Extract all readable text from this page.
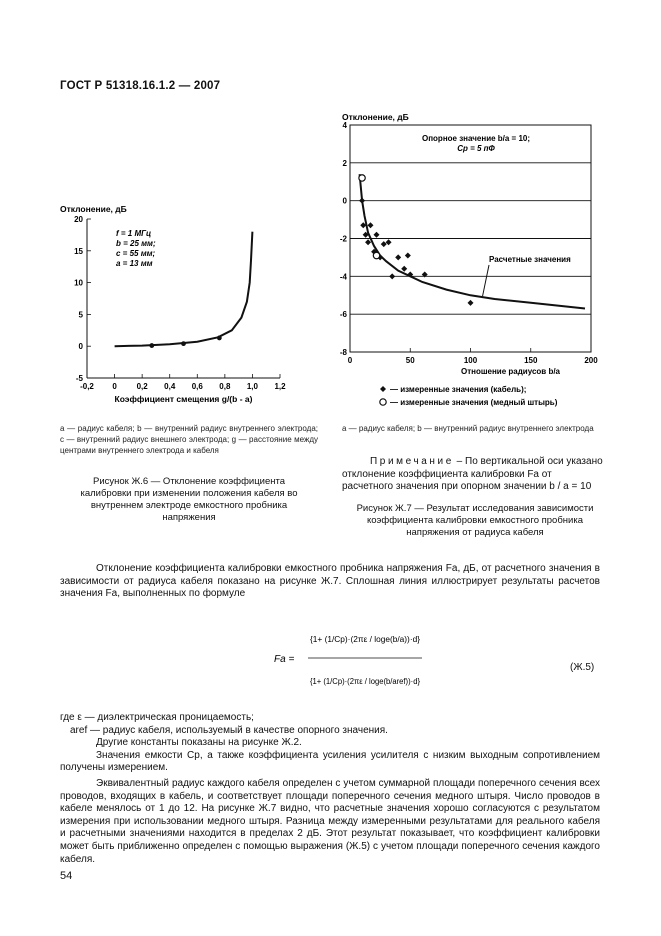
ГОСТ Р 51318.16.1.2 — 2007
Отклонение, дБ
-5
0
5
10
15
20
-0,2 0 0,2 0,4 0,6 0,8 1,0 1,2
Коэффициент смещения g/(b - a)
f = 1 МГц
b = 25 мм;
c = 55 мм;
a = 13 мм
Отклонение, дБ
4
2
0
-2
-4
-6
-8
0	50	100	150	200
Отношение радиусов b/a
Опорное значение b/a = 10;
Cp = 5 пФ
Расчетные значения
— измеренные значения (кабель);
— измеренные значения (медный штырь)
a — радиус кабеля; b — внутренний радиус внутреннего электрода; c — внутренний радиус внешнего электрода; g — расстояние между центрами внутреннего электрода и кабеля
Рисунок Ж.6 — Отклонение коэффициента калибровки при изменении положения кабеля во внутреннем электроде емкостного пробника напряжения
a — радиус кабеля; b — внутренний радиус внутреннего электрода
Примечание – По вертикальной оси указано отклонение коэффициента калибровки Fa от расчетного значения при опорном значении b / a = 10
Рисунок Ж.7 — Результат исследования зависимости коэффициента калибровки емкостного пробника напряжения от радиуса кабеля

Отклонение коэффициента калибровки емкостного пробника напряжения Fa, дБ, от расчетного значения в зависимости от радиуса кабеля показано на рисунке Ж.7. Сплошная линия иллюстрирует результаты расчетов значения Fa, выполненных по формуле

Fa =
{1+ (1/Cp)·(2πε / loge(b/a))·d}
{1+ (1/Cp)·(2πε / loge(b/aref))·d}
(Ж.5)

где ε — диэлектрическая проницаемость;

aref — радиус кабеля, используемый в качестве опорного значения.

Другие константы показаны на рисунке Ж.2.

Значения емкости Cp, а также коэффициента усиления усилителя с низким выходным сопротивлением получены измерением.

Эквивалентный радиус каждого кабеля определен с учетом суммарной площади поперечного сечения всех проводов, входящих в кабель, и соответствует площади поперечного сечения медного штыря. Число проводов в кабеле менялось от 1 до 12. На рисунке Ж.7 видно, что расчетные значения хорошо согласуются с результатом измерения при использовании медного штыря. Разница между измеренными результатами для реального кабеля и расчетными значениями находится в пределах 2 дБ. Этот результат показывает, что коэффициент калибровки может быть приближенно определен с помощью выражения (Ж.5) с учетом площади поперечного сечения каждого кабеля.

54
